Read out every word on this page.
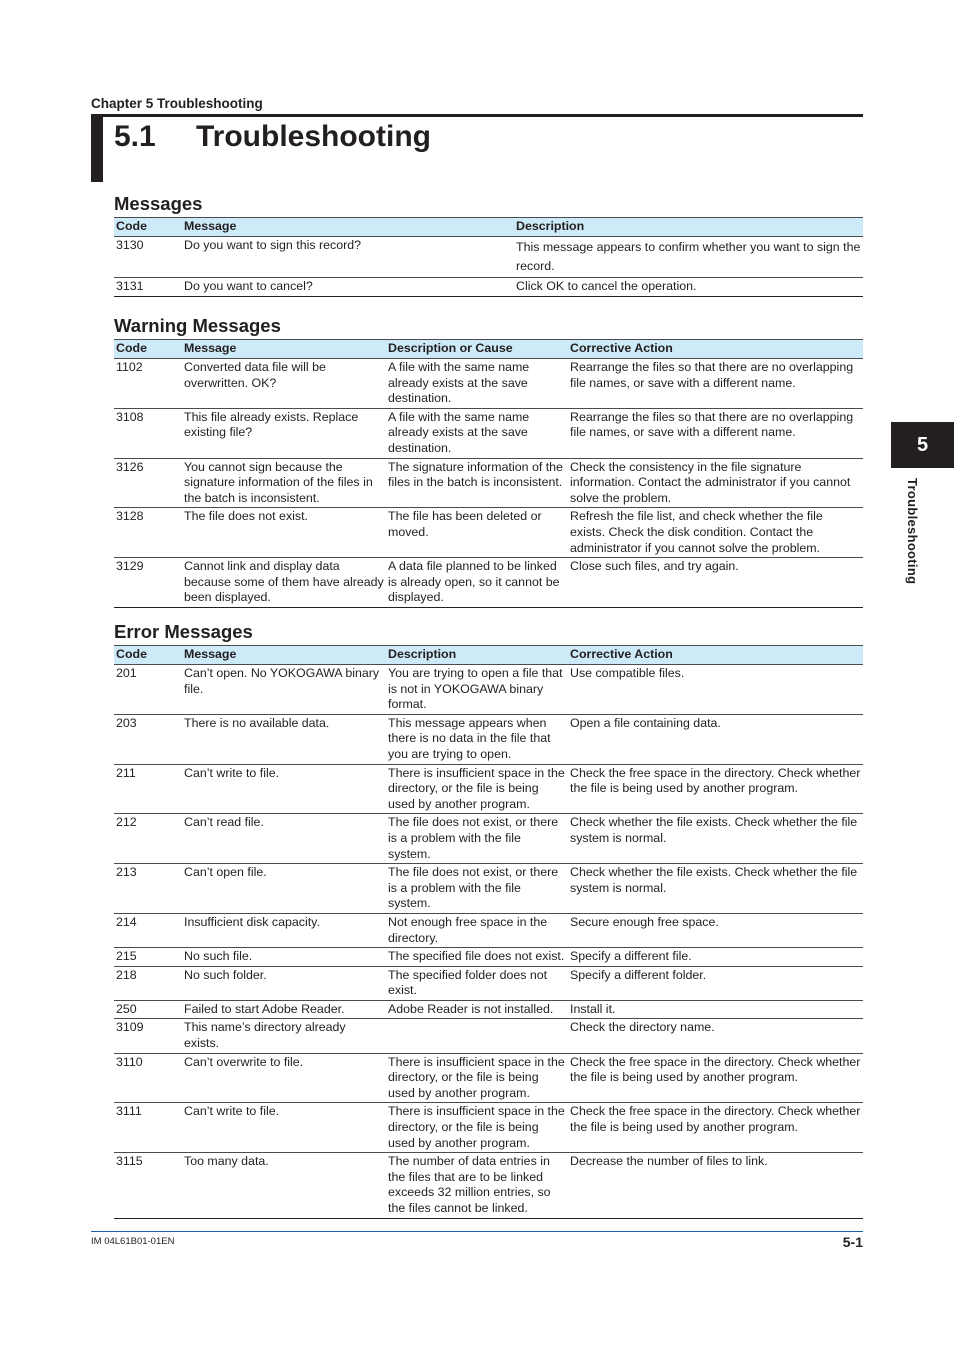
Chapter 5 Troubleshooting
5.1	Troubleshooting
Messages
Code	Message	Description
3130	Do you want to sign this record?	This message appears to confirm whether you want to sign the record.
3131	Do you want to cancel?	Click OK to cancel the operation.
Warning Messages
Code	Message	Description or Cause	Corrective Action
1102	Converted data file will be overwritten. OK?	A file with the same name already exists at the save destination.	Rearrange the files so that there are no overlapping file names, or save with a different name.
3108	This file already exists. Replace existing file?	A file with the same name already exists at the save destination.	Rearrange the files so that there are no overlapping file names, or save with a different name.
3126	You cannot sign because the signature information of the files in the batch is inconsistent.	The signature information of the files in the batch is inconsistent.	Check the consistency in the file signature information. Contact the administrator if you cannot solve the problem.
3128	The file does not exist.	The file has been deleted or moved.	Refresh the file list, and check whether the file exists. Check the disk condition. Contact the administrator if you cannot solve the problem.
3129	Cannot link and display data because some of them have already been displayed.	A data file planned to be linked is already open, so it cannot be displayed.	Close such files, and try again.
Error Messages
Code	Message	Description	Corrective Action
201	Can’t open. No YOKOGAWA binary file.	You are trying to open a file that is not in YOKOGAWA binary format.	Use compatible files.
203	There is no available data.	This message appears when there is no data in the file that you are trying to open.	Open a file containing data.
211	Can’t write to file.	There is insufficient space in the directory, or the file is being used by another program.	Check the free space in the directory. Check whether the file is being used by another program.
212	Can’t read file.	The file does not exist, or there is a problem with the file system.	Check whether the file exists. Check whether the file system is normal.
213	Can’t open file.	The file does not exist, or there is a problem with the file system.	Check whether the file exists. Check whether the file system is normal.
214	Insufficient disk capacity.	Not enough free space in the directory.	Secure enough free space.
215	No such file.	The specified file does not exist.	Specify a different file.
218	No such folder.	The specified folder does not exist.	Specify a different folder.
250	Failed to start Adobe Reader.	Adobe Reader is not installed.	Install it.
3109	This name’s directory already exists.		Check the directory name.
3110	Can’t overwrite to file.	There is insufficient space in the directory, or the file is being used by another program.	Check the free space in the directory. Check whether the file is being used by another program.
3111	Can’t write to file.	There is insufficient space in the directory, or the file is being used by another program.	Check the free space in the directory. Check whether the file is being used by another program.
3115	Too many data.	The number of data entries in the files that are to be linked exceeds 32 million entries, so the files cannot be linked.	Decrease the number of files to link.
5
Troubleshooting
IM 04L61B01-01EN	5-1
